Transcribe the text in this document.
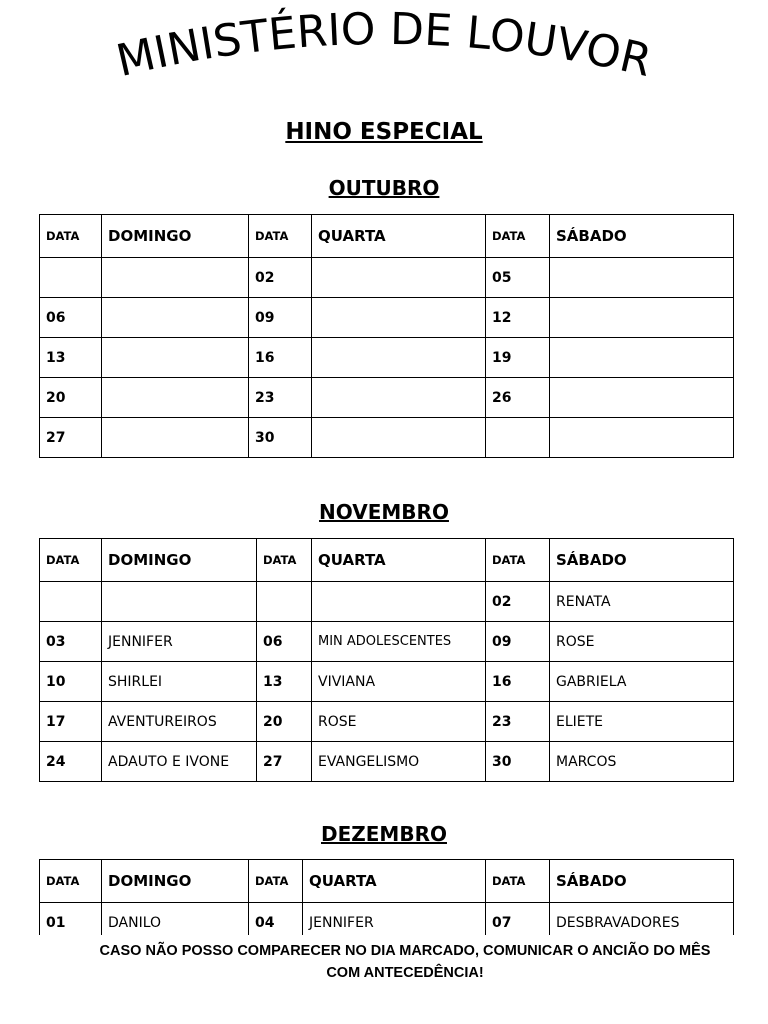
MINISTÉRIO DE LOUVOR
HINO ESPECIAL
OUTUBRO
DATA	DOMINGO	DATA	QUARTA	DATA	SÁBADO
		02		05	
06		09		12	
13		16		19	
20		23		26	
27		30			
NOVEMBRO
DATA	DOMINGO	DATA	QUARTA	DATA	SÁBADO
				02	RENATA
03	JENNIFER	06	MIN ADOLESCENTES	09	ROSE
10	SHIRLEI	13	VIVIANA	16	GABRIELA
17	AVENTUREIROS	20	ROSE	23	ELIETE
24	ADAUTO E IVONE	27	EVANGELISMO	30	MARCOS
DEZEMBRO
DATA	DOMINGO	DATA	QUARTA	DATA	SÁBADO
01	DANILO	04	JENNIFER	07	DESBRAVADORES
CASO NÃO POSSO COMPARECER NO DIA MARCADO, COMUNICAR O ANCIÃO DO MÊS COM ANTECEDÊNCIA!
